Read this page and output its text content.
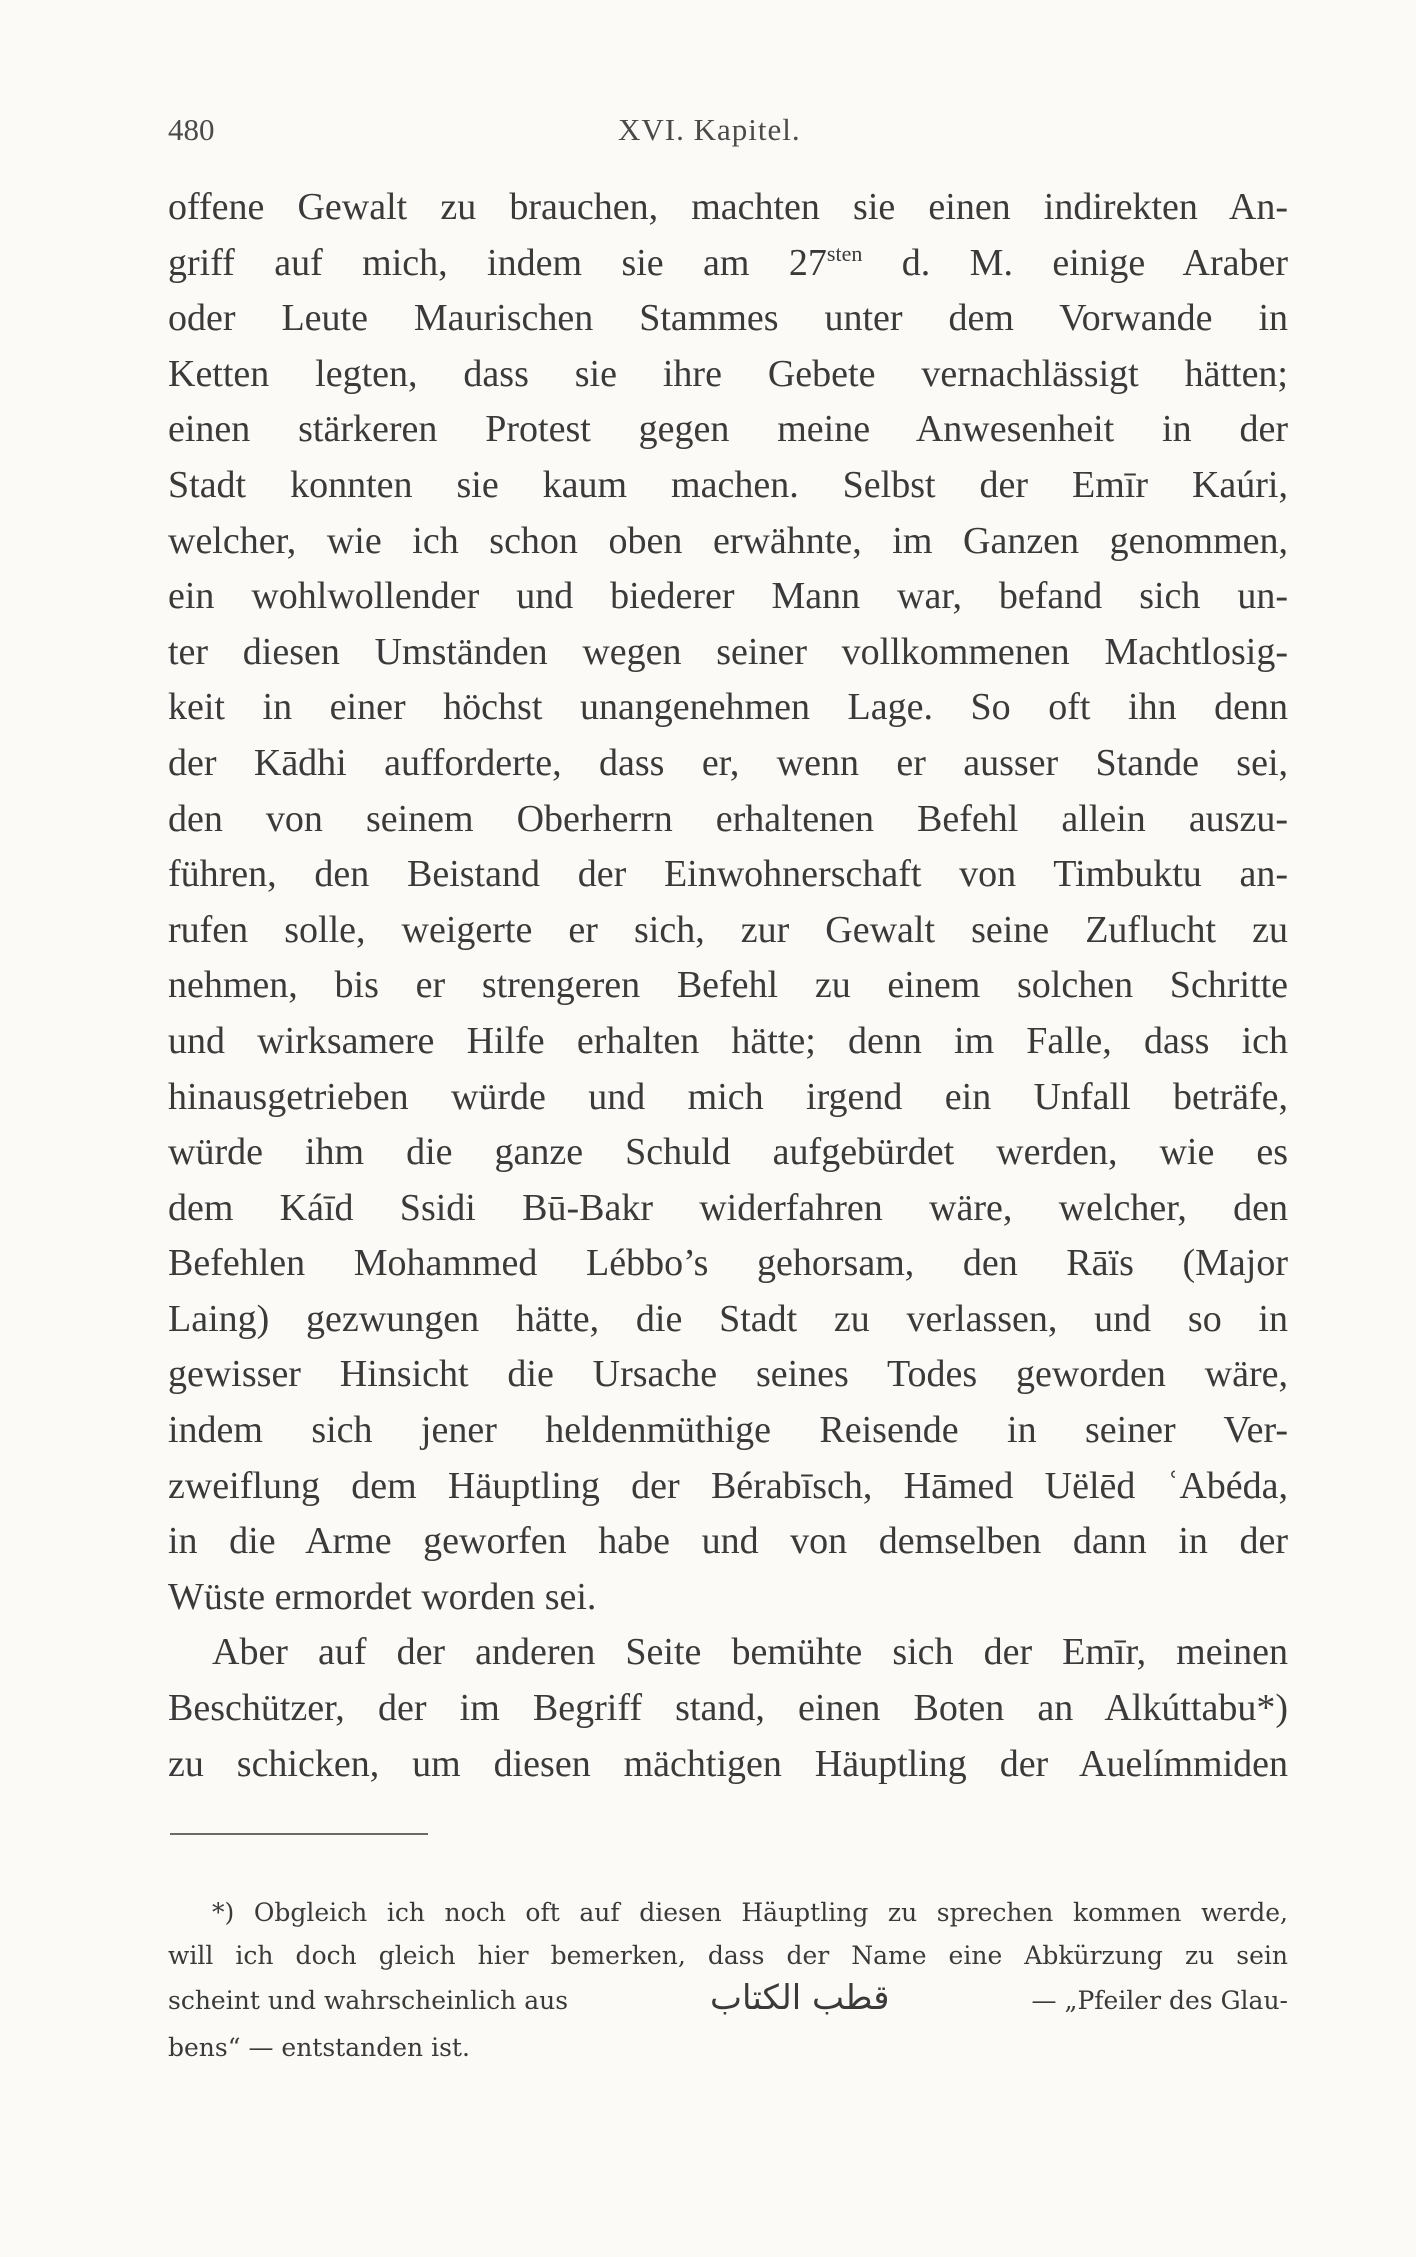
480	XVI. Kapitel.
offene Gewalt zu brauchen, machten sie einen indirekten An-
griff auf mich, indem sie am $27^{sten}$ d. M. einige Araber
oder Leute Maurischen Stammes unter dem Vorwande in
Ketten legten, dass sie ihre Gebete vernachlässigt hätten;
einen stärkeren Protest gegen meine Anwesenheit in der
Stadt konnten sie kaum machen. Selbst der Emīr Kaúri,
welcher, wie ich schon oben erwähnte, im Ganzen genommen,
ein wohlwollender und biederer Mann war, befand sich un-
ter diesen Umständen wegen seiner vollkommenen Machtlosig-
keit in einer höchst unangenehmen Lage. So oft ihn denn
der Kādhi aufforderte, dass er, wenn er ausser Stande sei,
den von seinem Oberherrn erhaltenen Befehl allein auszu-
führen, den Beistand der Einwohnerschaft von Timbuktu an-
rufen solle, weigerte er sich, zur Gewalt seine Zuflucht zu
nehmen, bis er strengeren Befehl zu einem solchen Schritte
und wirksamere Hilfe erhalten hätte; denn im Falle, dass ich
hinausgetrieben würde und mich irgend ein Unfall beträfe,
würde ihm die ganze Schuld aufgebürdet werden, wie es
dem Káīd Ssidi Bū-Bakr widerfahren wäre, welcher, den
Befehlen Mohammed Lébbo’s gehorsam, den Rāïs (Major
Laing) gezwungen hätte, die Stadt zu verlassen, und so in
gewisser Hinsicht die Ursache seines Todes geworden wäre,
indem sich jener heldenmüthige Reisende in seiner Ver-
zweiflung dem Häuptling der Bérabīsch, Hāmed Uëlēd ʿAbéda,
in die Arme geworfen habe und von demselben dann in der
Wüste ermordet worden sei.
Aber auf der anderen Seite bemühte sich der Emīr, meinen
Beschützer, der im Begriff stand, einen Boten an Alkúttabu*)
zu schicken, um diesen mächtigen Häuptling der Auelímmiden
*) Obgleich ich noch oft auf diesen Häuptling zu sprechen kommen werde,
will ich doch gleich hier bemerken, dass der Name eine Abkürzung zu sein
scheint und wahrscheinlich aus	قطب الكتاب	— „Pfeiler des Glau-
bens“ — entstanden ist.
